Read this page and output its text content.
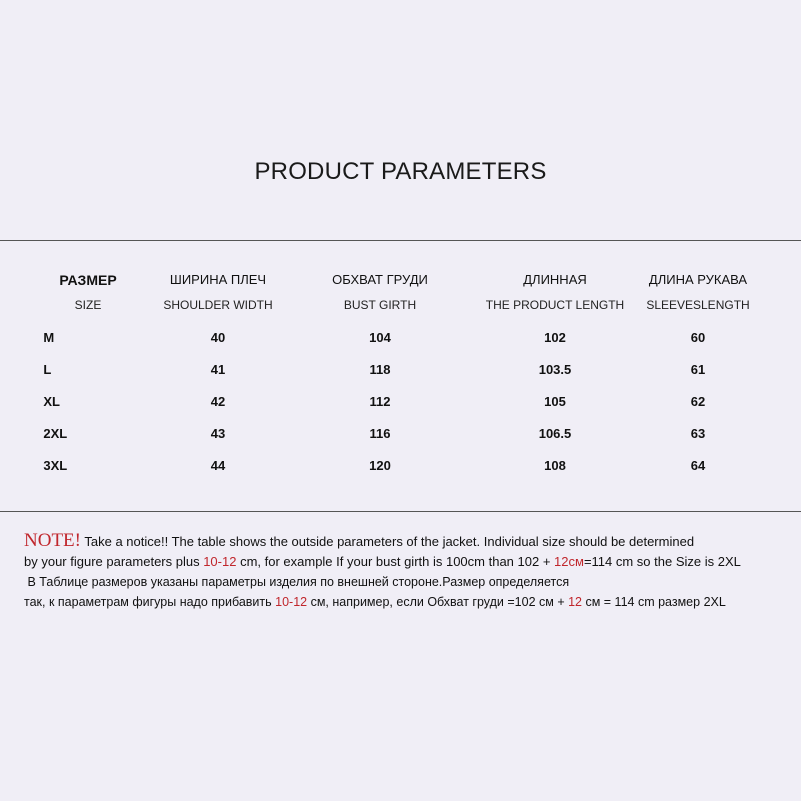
PRODUCT PARAMETERS
РАЗМЕР
SIZE
M
L
XL
2XL
3XL
ШИРИНА ПЛЕЧ
SHOULDER WIDTH
40
41
42
43
44
ОБХВАТ ГРУДИ
BUST GIRTH
104
118
112
116
120
ДЛИННАЯ
THE PRODUCT LENGTH
102
103.5
105
106.5
108
ДЛИНА РУКАВА
SLEEVESLENGTH
60
61
62
63
64
NOTE! Take a notice!! The table shows the outside parameters of the jacket. Individual size should be determined
by your figure parameters plus 10-12 cm, for example If your bust girth is 100cm than 102 + 12см=114 cm so the Size is 2XL
В Таблице размеров указаны параметры изделия по внешней стороне.Размер определяется
так, к параметрам фигуры надо прибавить 10-12 см, например, если Обхват груди =102 см + 12 см = 114 cm размер 2XL
